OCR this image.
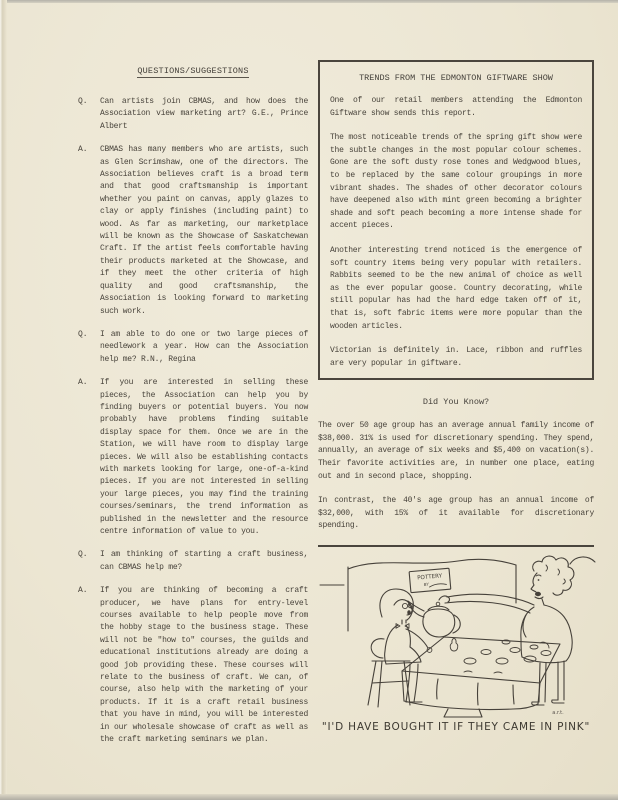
QUESTIONS/SUGGESTIONS
Q.	Can artists join CBMAS, and how does the Association view marketing art? G.E., Prince Albert
A.	CBMAS has many members who are artists, such as Glen Scrimshaw, one of the directors. The Association believes craft is a broad term and that good craftsmanship is important whether you paint on canvas, apply glazes to clay or apply finishes (including paint) to wood. As far as marketing, our marketplace will be known as the Showcase of Saskatchewan Craft. If the artist feels comfortable having their products marketed at the Showcase, and if they meet the other criteria of high quality and good craftsmanship, the Association is looking forward to marketing such work.
Q.	I am able to do one or two large pieces of needlework a year. How can the Association help me? R.N., Regina
A.	If you are interested in selling these pieces, the Association can help you by finding buyers or potential buyers. You now probably have problems finding suitable display space for them. Once we are in the Station, we will have room to display large pieces. We will also be establishing contacts with markets looking for large, one-of-a-kind pieces. If you are not interested in selling your large pieces, you may find the training courses/seminars, the trend information as published in the newsletter and the resource centre information of value to you.
Q.	I am thinking of starting a craft business, can CBMAS help me?
A.	If you are thinking of becoming a craft producer, we have plans for entry-level courses available to help people move from the hobby stage to the business stage. These will not be "how to" courses, the guilds and educational institutions already are doing a good job providing these. These courses will relate to the business of craft. We can, of course, also help with the marketing of your products. If it is a craft retail business that you have in mind, you will be interested in our wholesale showcase of craft as well as the craft marketing seminars we plan.
TRENDS FROM THE EDMONTON GIFTWARE SHOW

One of our retail members attending the Edmonton Giftware show sends this report.

The most noticeable trends of the spring gift show were the subtle changes in the most popular colour schemes. Gone are the soft dusty rose tones and Wedgwood blues, to be replaced by the same colour groupings in more vibrant shades. The shades of other decorator colours have deepened also with mint green becoming a brighter shade and soft peach becoming a more intense shade for accent pieces.

Another interesting trend noticed is the emergence of soft country items being very popular with retailers. Rabbits seemed to be the new animal of choice as well as the ever popular goose. Country decorating, while still popular has had the hard edge taken off of it, that is, soft fabric items were more popular than the wooden articles.

Victorian is definitely in. Lace, ribbon and ruffles are very popular in giftware.

Did You Know?

The over 50 age group has an average annual family income of $38,000. 31% is used for discretionary spending. They spend, annually, an average of six weeks and $5,400 on vacation(s). Their favorite activities are, in number one place, eating out and in second place, shopping.

In contrast, the 40's age group has an annual income of $32,000, with 15% of it available for discretionary spending.

POTTERY
BY
a.r.t.
"I'D HAVE BOUGHT IT IF THEY CAME IN PINK"
